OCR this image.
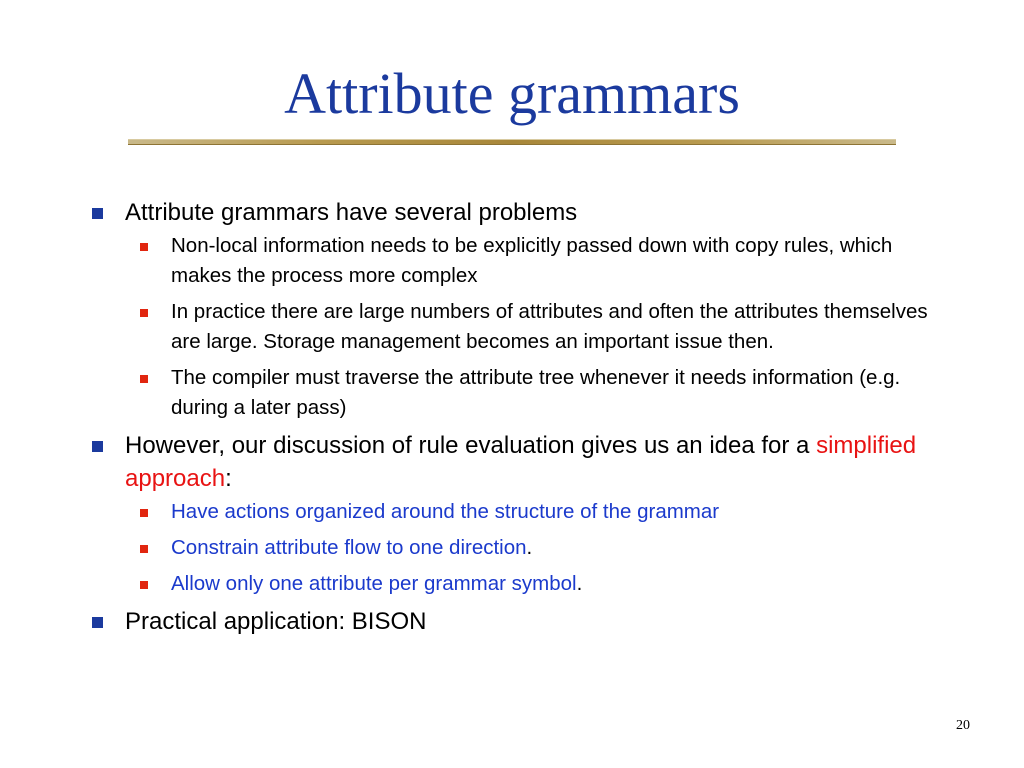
Attribute grammars
Attribute grammars have several problems
Non-local information needs to be explicitly passed down with copy rules, which makes the process more complex
In practice there are large numbers of attributes and often the attributes themselves are large. Storage management becomes an important issue then.
The compiler must traverse the attribute tree whenever it needs information (e.g. during a later pass)
However, our discussion of rule evaluation gives us an idea for a simplified approach:
Have actions organized around the structure of the grammar
Constrain attribute flow to one direction.
Allow only one attribute per grammar symbol.
Practical application: BISON
20
